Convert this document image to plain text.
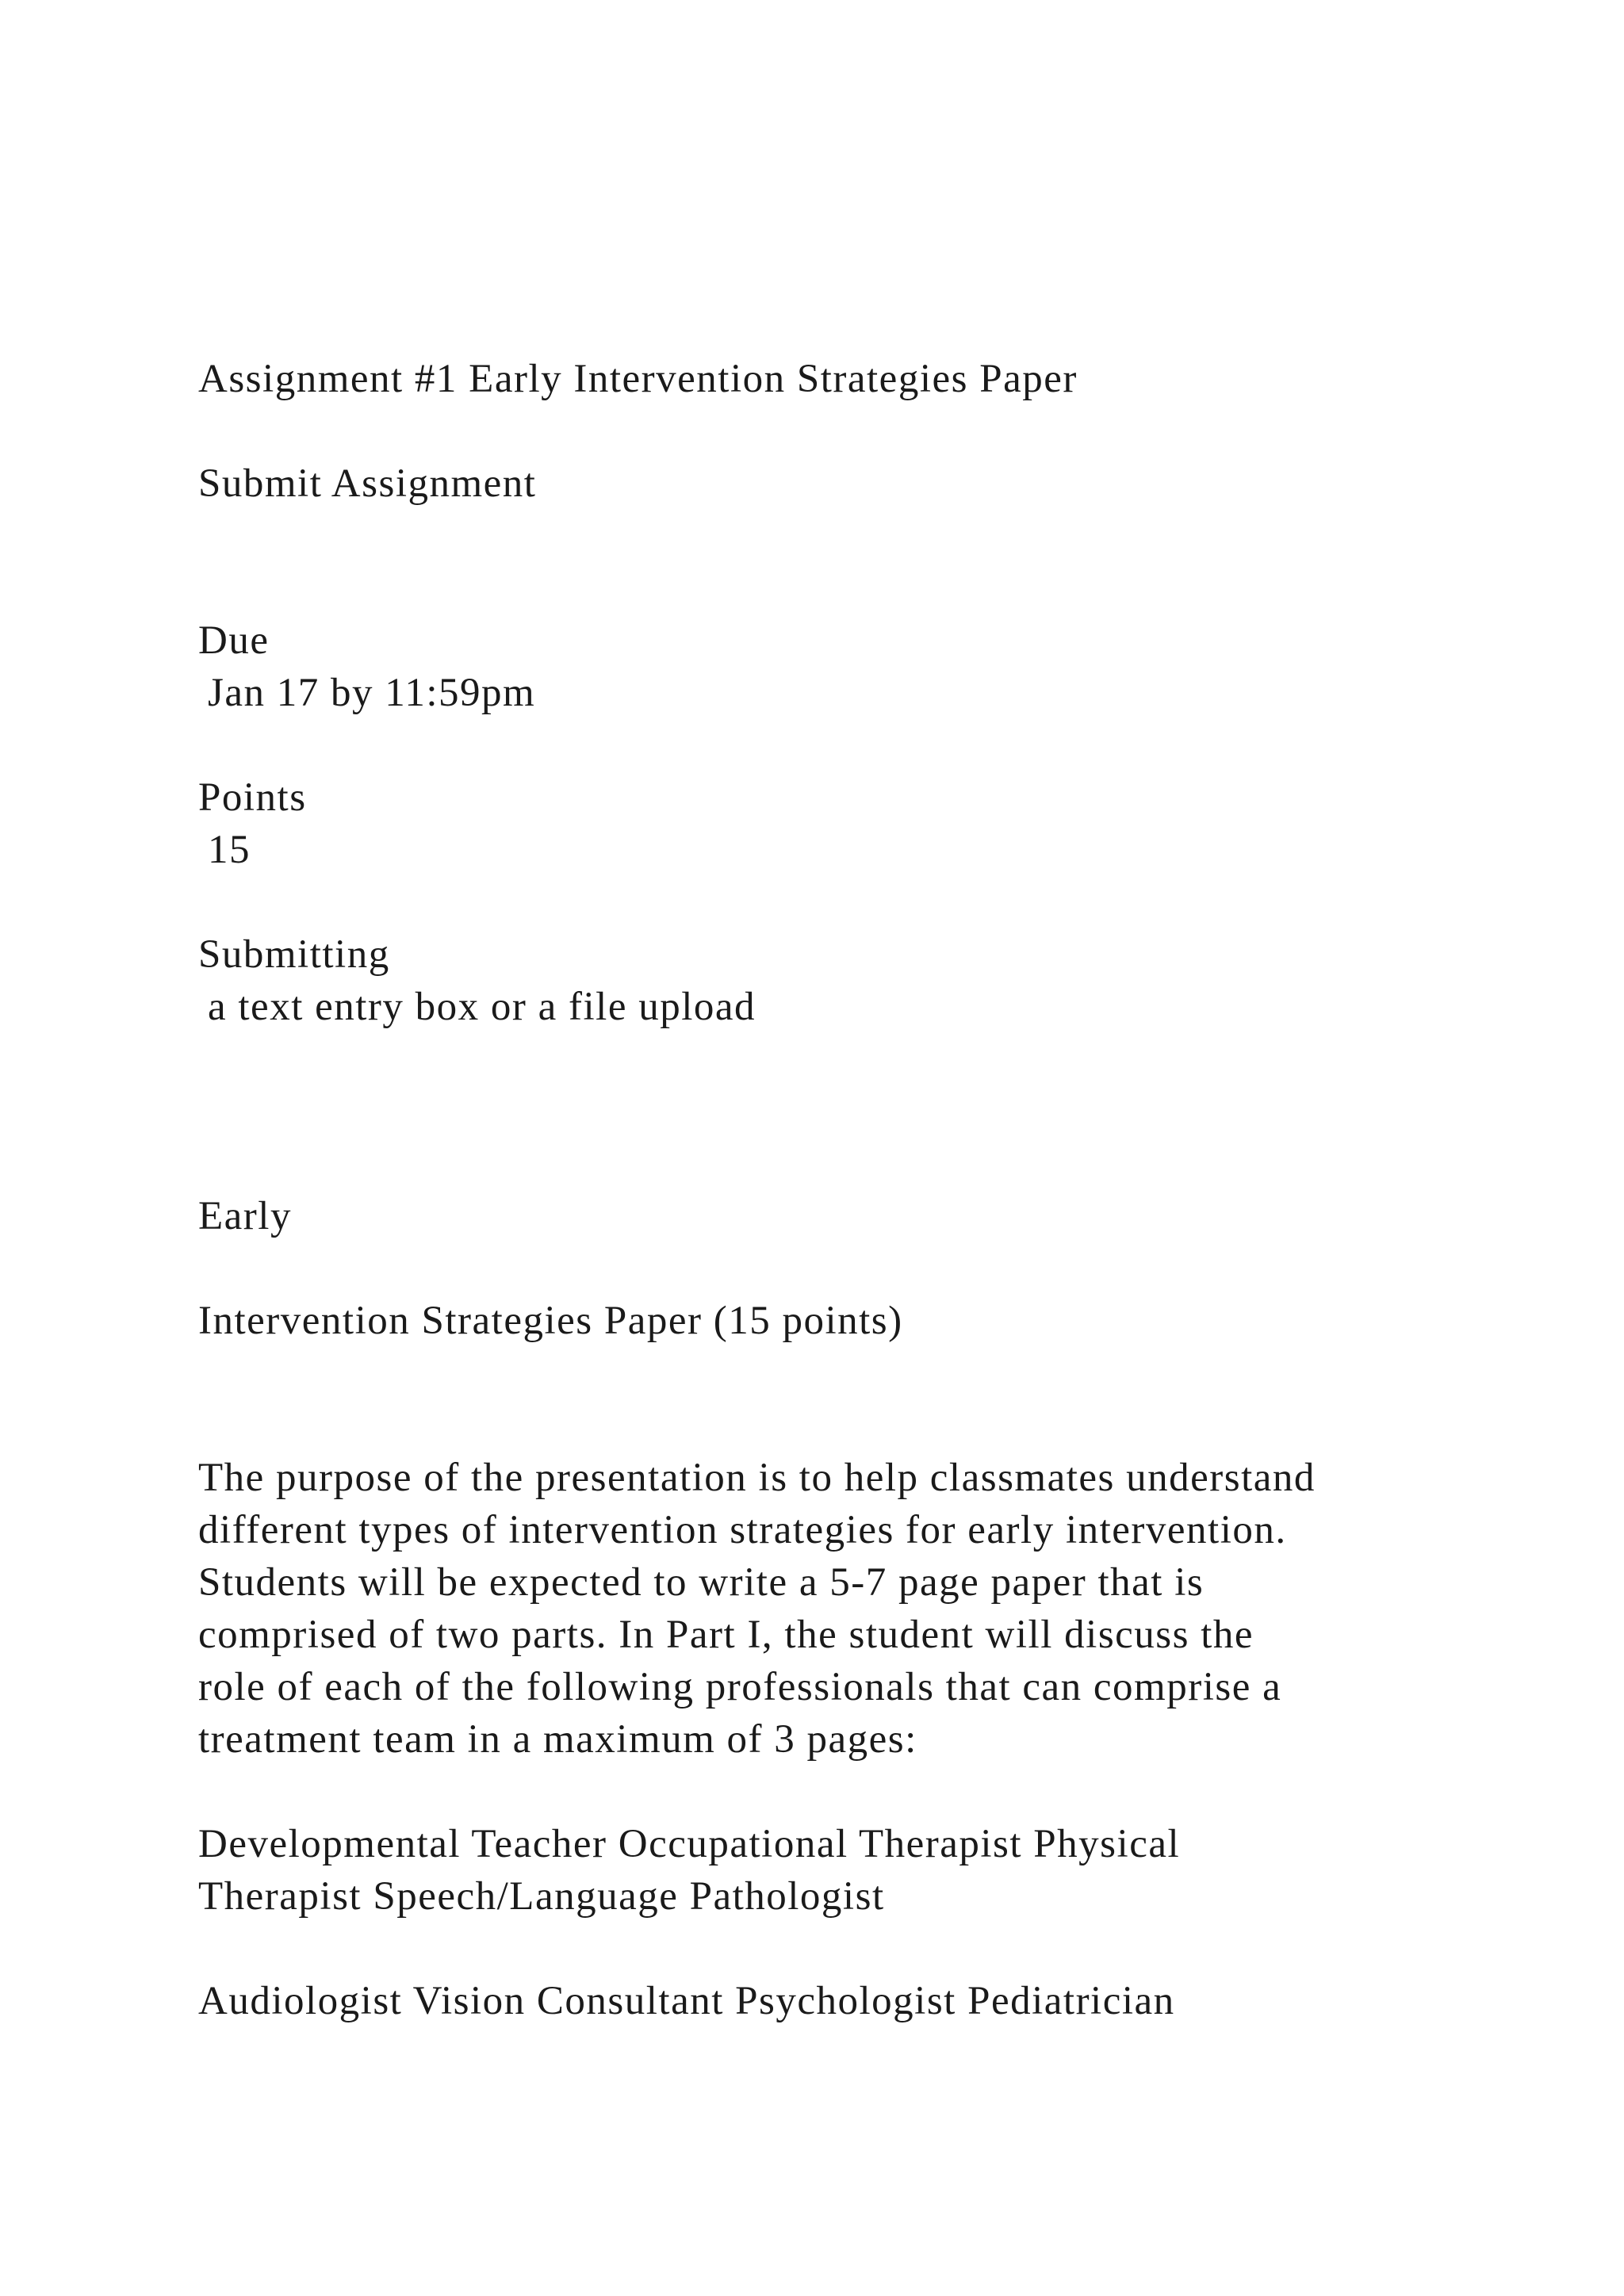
Assignment #1 Early Intervention Strategies Paper

Submit Assignment

Due

Jan 17 by 11:59pm

Points

15

Submitting

a text entry box or a file upload

Early

Intervention Strategies Paper (15 points)

The purpose of the presentation is to help classmates understand

different types of intervention strategies for early intervention.

Students will be expected to write a 5-7 page paper that is

comprised of two parts. In Part I, the student will discuss the

role of each of the following professionals that can comprise a

treatment team in a maximum of 3 pages:

Developmental Teacher Occupational Therapist Physical

Therapist Speech/Language Pathologist

Audiologist Vision Consultant Psychologist Pediatrician
